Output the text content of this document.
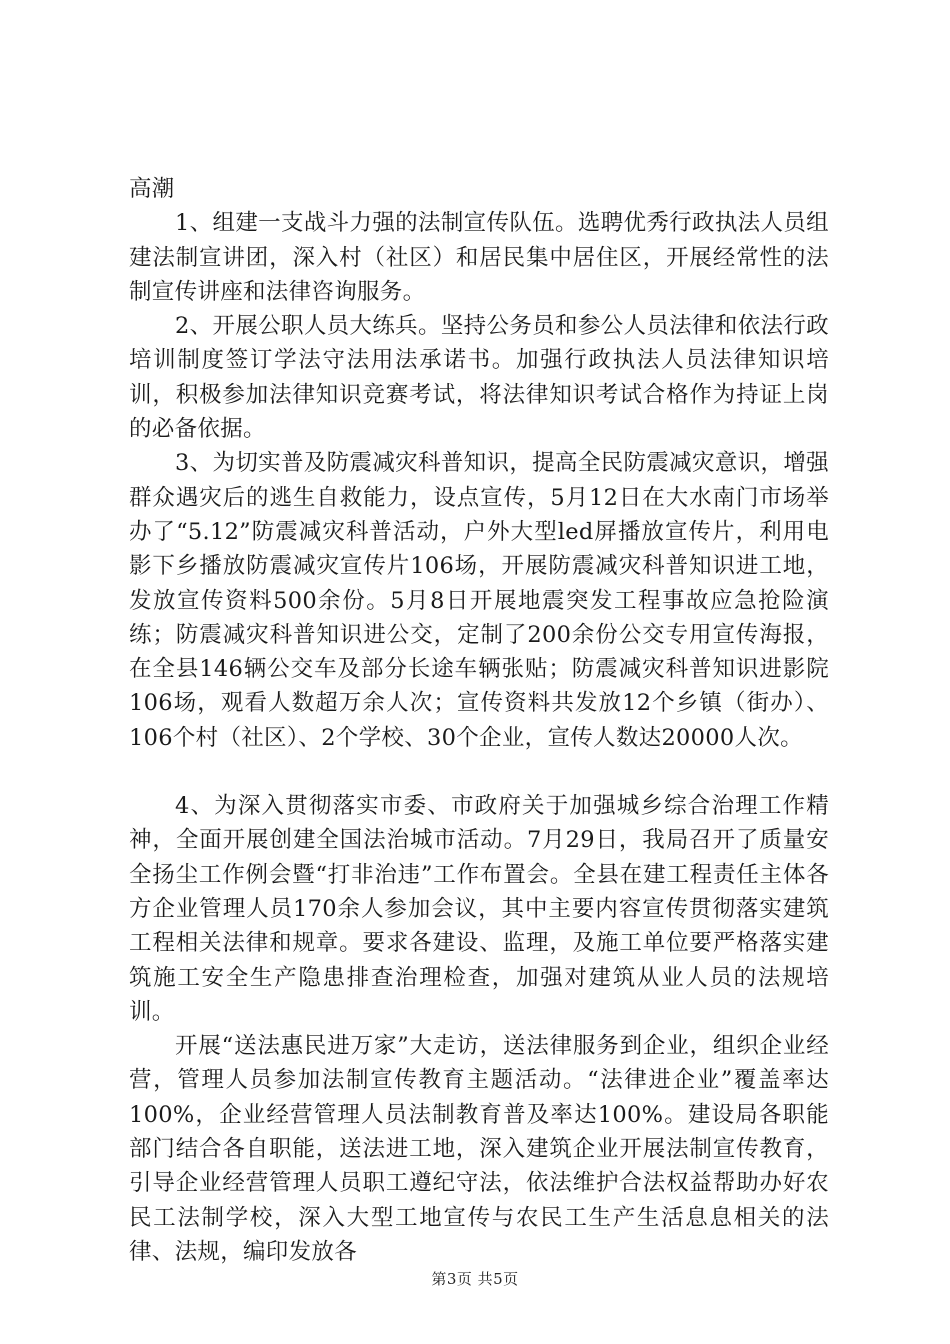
高潮

1、组建一支战斗力强的法制宣传队伍。选聘优秀行政执法人员组建法制宣讲团，深入村（社区）和居民集中居住区，开展经常性的法制宣传讲座和法律咨询服务。

2、开展公职人员大练兵。坚持公务员和参公人员法律和依法行政培训制度签订学法守法用法承诺书。加强行政执法人员法律知识培训，积极参加法律知识竞赛考试，将法律知识考试合格作为持证上岗的必备依据。

3、为切实普及防震减灾科普知识，提高全民防震减灾意识，增强群众遇灾后的逃生自救能力，设点宣传，5月12日在大水南门市场举办了“5.12”防震减灾科普活动，户外大型led屏播放宣传片，利用电影下乡播放防震减灾宣传片106场，开展防震减灾科普知识进工地，发放宣传资料500余份。5月8日开展地震突发工程事故应急抢险演练；防震减灾科普知识进公交，定制了200余份公交专用宣传海报，在全县146辆公交车及部分长途车辆张贴；防震减灾科普知识进影院106场，观看人数超万余人次；宣传资料共发放12个乡镇（街办）、106个村（社区）、2个学校、30个企业，宣传人数达20000人次。

4、为深入贯彻落实市委、市政府关于加强城乡综合治理工作精神，全面开展创建全国法治城市活动。7月29日，我局召开了质量安全扬尘工作例会暨“打非治违”工作布置会。全县在建工程责任主体各方企业管理人员170余人参加会议，其中主要内容宣传贯彻落实建筑工程相关法律和规章。要求各建设、监理，及施工单位要严格落实建筑施工安全生产隐患排查治理检查，加强对建筑从业人员的法规培训。

开展“送法惠民进万家”大走访，送法律服务到企业，组织企业经营，管理人员参加法制宣传教育主题活动。“法律进企业”覆盖率达100%，企业经营管理人员法制教育普及率达100%。建设局各职能部门结合各自职能，送法进工地，深入建筑企业开展法制宣传教育，引导企业经营管理人员职工遵纪守法，依法维护合法权益帮助办好农民工法制学校，深入大型工地宣传与农民工生产生活息息相关的法律、法规，编印发放各

第3页 共5页
